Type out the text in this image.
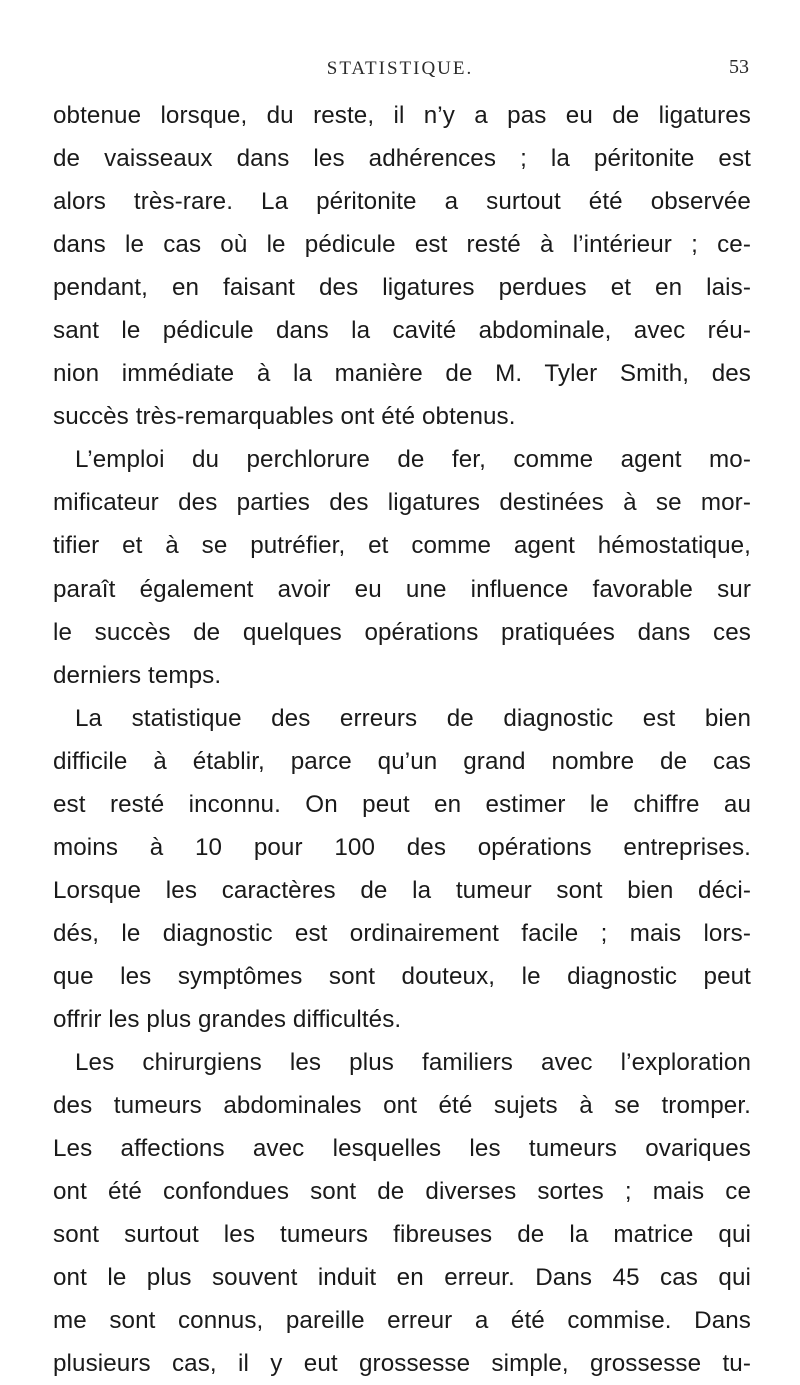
STATISTIQUE.	53
obtenue lorsque, du reste, il n’y a pas eu de ligatures
de vaisseaux dans les adhérences ; la péritonite est
alors très-rare. La péritonite a surtout été observée
dans le cas où le pédicule est resté à l’intérieur ; ce-
pendant, en faisant des ligatures perdues et en lais-
sant le pédicule dans la cavité abdominale, avec réu-
nion immédiate à la manière de M. Tyler Smith, des
succès très-remarquables ont été obtenus.
L’emploi du perchlorure de fer, comme agent mo-
mificateur des parties des ligatures destinées à se mor-
tifier et à se putréfier, et comme agent hémostatique,
paraît également avoir eu une influence favorable sur
le succès de quelques opérations pratiquées dans ces
derniers temps.
La statistique des erreurs de diagnostic est bien
difficile à établir, parce qu’un grand nombre de cas
est resté inconnu. On peut en estimer le chiffre au
moins à 10 pour 100 des opérations entreprises.
Lorsque les caractères de la tumeur sont bien déci-
dés, le diagnostic est ordinairement facile ; mais lors-
que les symptômes sont douteux, le diagnostic peut
offrir les plus grandes difficultés.
Les chirurgiens les plus familiers avec l’exploration
des tumeurs abdominales ont été sujets à se tromper.
Les affections avec lesquelles les tumeurs ovariques
ont été confondues sont de diverses sortes ; mais ce
sont surtout les tumeurs fibreuses de la matrice qui
ont le plus souvent induit en erreur. Dans 45 cas qui
me sont connus, pareille erreur a été commise. Dans
plusieurs cas, il y eut grossesse simple, grossesse tu-
